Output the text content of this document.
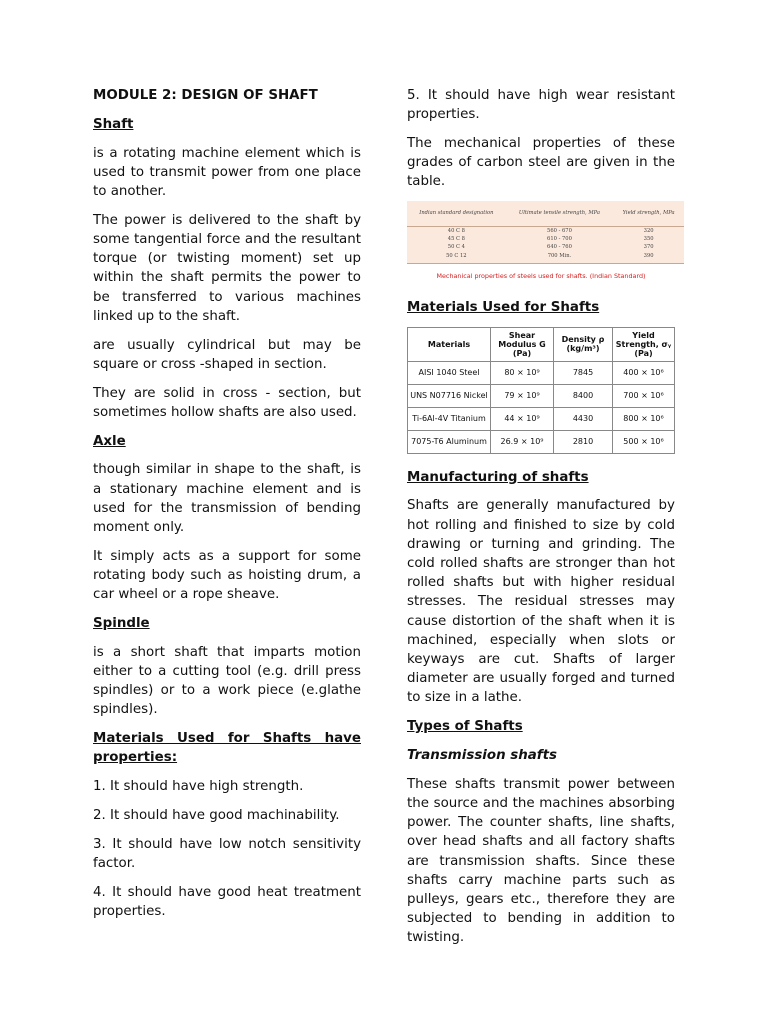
MODULE 2: DESIGN OF SHAFT
Shaft

is a rotating machine element which is used to transmit power from one place to another.

The power is delivered to the shaft by some tangential force and the resultant torque (or twisting moment) set up within the shaft permits the power to be transferred to various machines linked up to the shaft.

are usually cylindrical but may be square or cross -shaped in section.

They are solid in cross - section, but sometimes hollow shafts are also used.

Axle

though similar in shape to the shaft, is a stationary machine element and is used for the transmission of bending moment only.

It simply acts as a support for some rotating body such as hoisting drum, a car wheel or a rope sheave.

Spindle

is a short shaft that imparts motion either to a cutting tool (e.g. drill press spindles) or to a work piece (e.glathe spindles).

Materials Used for Shafts have properties:

1. It should have high strength.

2. It should have good machinability.

3. It should have low notch sensitivity factor.

4. It should have good heat treatment properties.

5. It should have high wear resistant properties.

The mechanical properties of these grades of carbon steel are given in the table.

Indian standard designation	Ultimate tensile strength, MPa	Yield strength, MPa
40 C 8	560 - 670	320
45 C 8	610 - 700	350
50 C 4	640 - 760	370
50 C 12	700 Min.	390
Mechanical properties of steels used for shafts. (Indian Standard)
Materials Used for Shafts
Materials	Shear Modulus G (Pa)	Density ρ (kg/m³)	Yield Strength, σᵧ (Pa)
AISI 1040 Steel	80 × 10⁹	7845	400 × 10⁶
UNS N07716 Nickel	79 × 10⁹	8400	700 × 10⁶
Ti-6Al-4V Titanium	44 × 10⁹	4430	800 × 10⁶
7075-T6 Aluminum	26.9 × 10⁹	2810	500 × 10⁶
Manufacturing of shafts

Shafts are generally manufactured by hot rolling and finished to size by cold drawing or turning and grinding. The cold rolled shafts are stronger than hot rolled shafts but with higher residual stresses. The residual stresses may cause distortion of the shaft when it is machined, especially when slots or keyways are cut. Shafts of larger diameter are usually forged and turned to size in a lathe.

Types of Shafts
Transmission shafts

These shafts transmit power between the source and the machines absorbing power. The counter shafts, line shafts, over head shafts and all factory shafts are transmission shafts. Since these shafts carry machine parts such as pulleys, gears etc., therefore they are subjected to bending in addition to twisting.
